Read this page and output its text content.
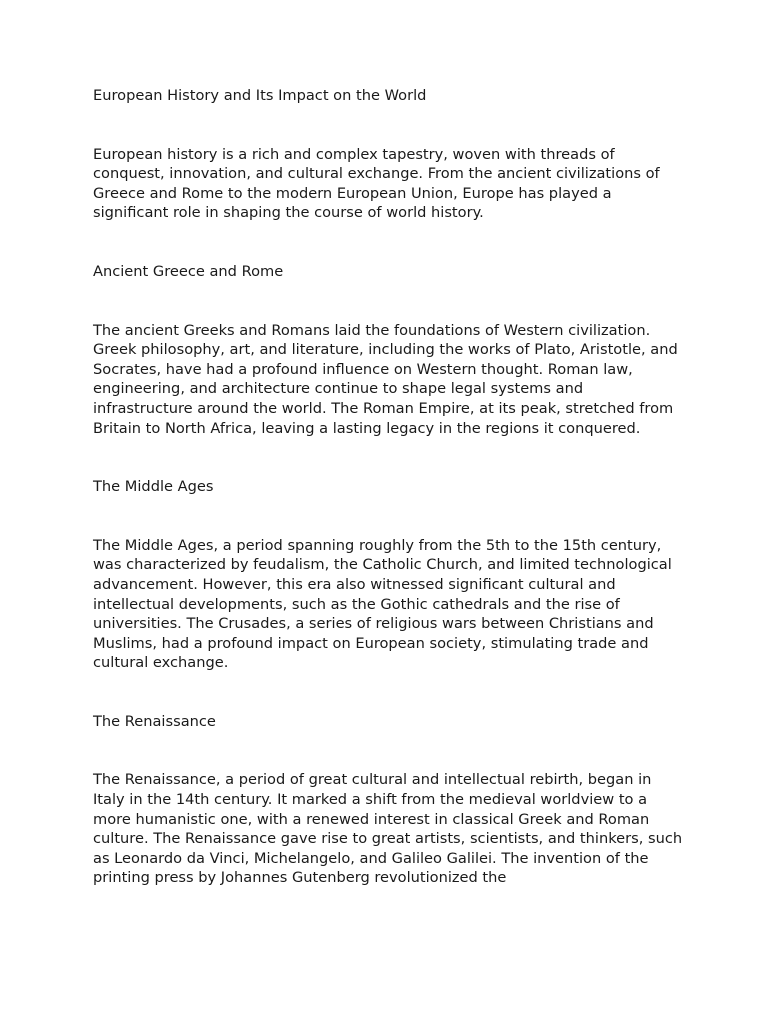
European History and Its Impact on the World

European history is a rich and complex tapestry, woven with threads of conquest, innovation, and cultural exchange. From the ancient civilizations of Greece and Rome to the modern European Union, Europe has played a significant role in shaping the course of world history.

Ancient Greece and Rome

The ancient Greeks and Romans laid the foundations of Western civilization. Greek philosophy, art, and literature, including the works of Plato, Aristotle, and Socrates, have had a profound influence on Western thought. Roman law, engineering, and architecture continue to shape legal systems and infrastructure around the world. The Roman Empire, at its peak, stretched from Britain to North Africa, leaving a lasting legacy in the regions it conquered.

The Middle Ages

The Middle Ages, a period spanning roughly from the 5th to the 15th century, was characterized by feudalism, the Catholic Church, and limited technological advancement. However, this era also witnessed significant cultural and intellectual developments, such as the Gothic cathedrals and the rise of universities. The Crusades, a series of religious wars between Christians and Muslims, had a profound impact on European society, stimulating trade and cultural exchange.

The Renaissance

The Renaissance, a period of great cultural and intellectual rebirth, began in Italy in the 14th century. It marked a shift from the medieval worldview to a more humanistic one, with a renewed interest in classical Greek and Roman culture. The Renaissance gave rise to great artists, scientists, and thinkers, such as Leonardo da Vinci, Michelangelo, and Galileo Galilei. The invention of the printing press by Johannes Gutenberg revolutionized the
